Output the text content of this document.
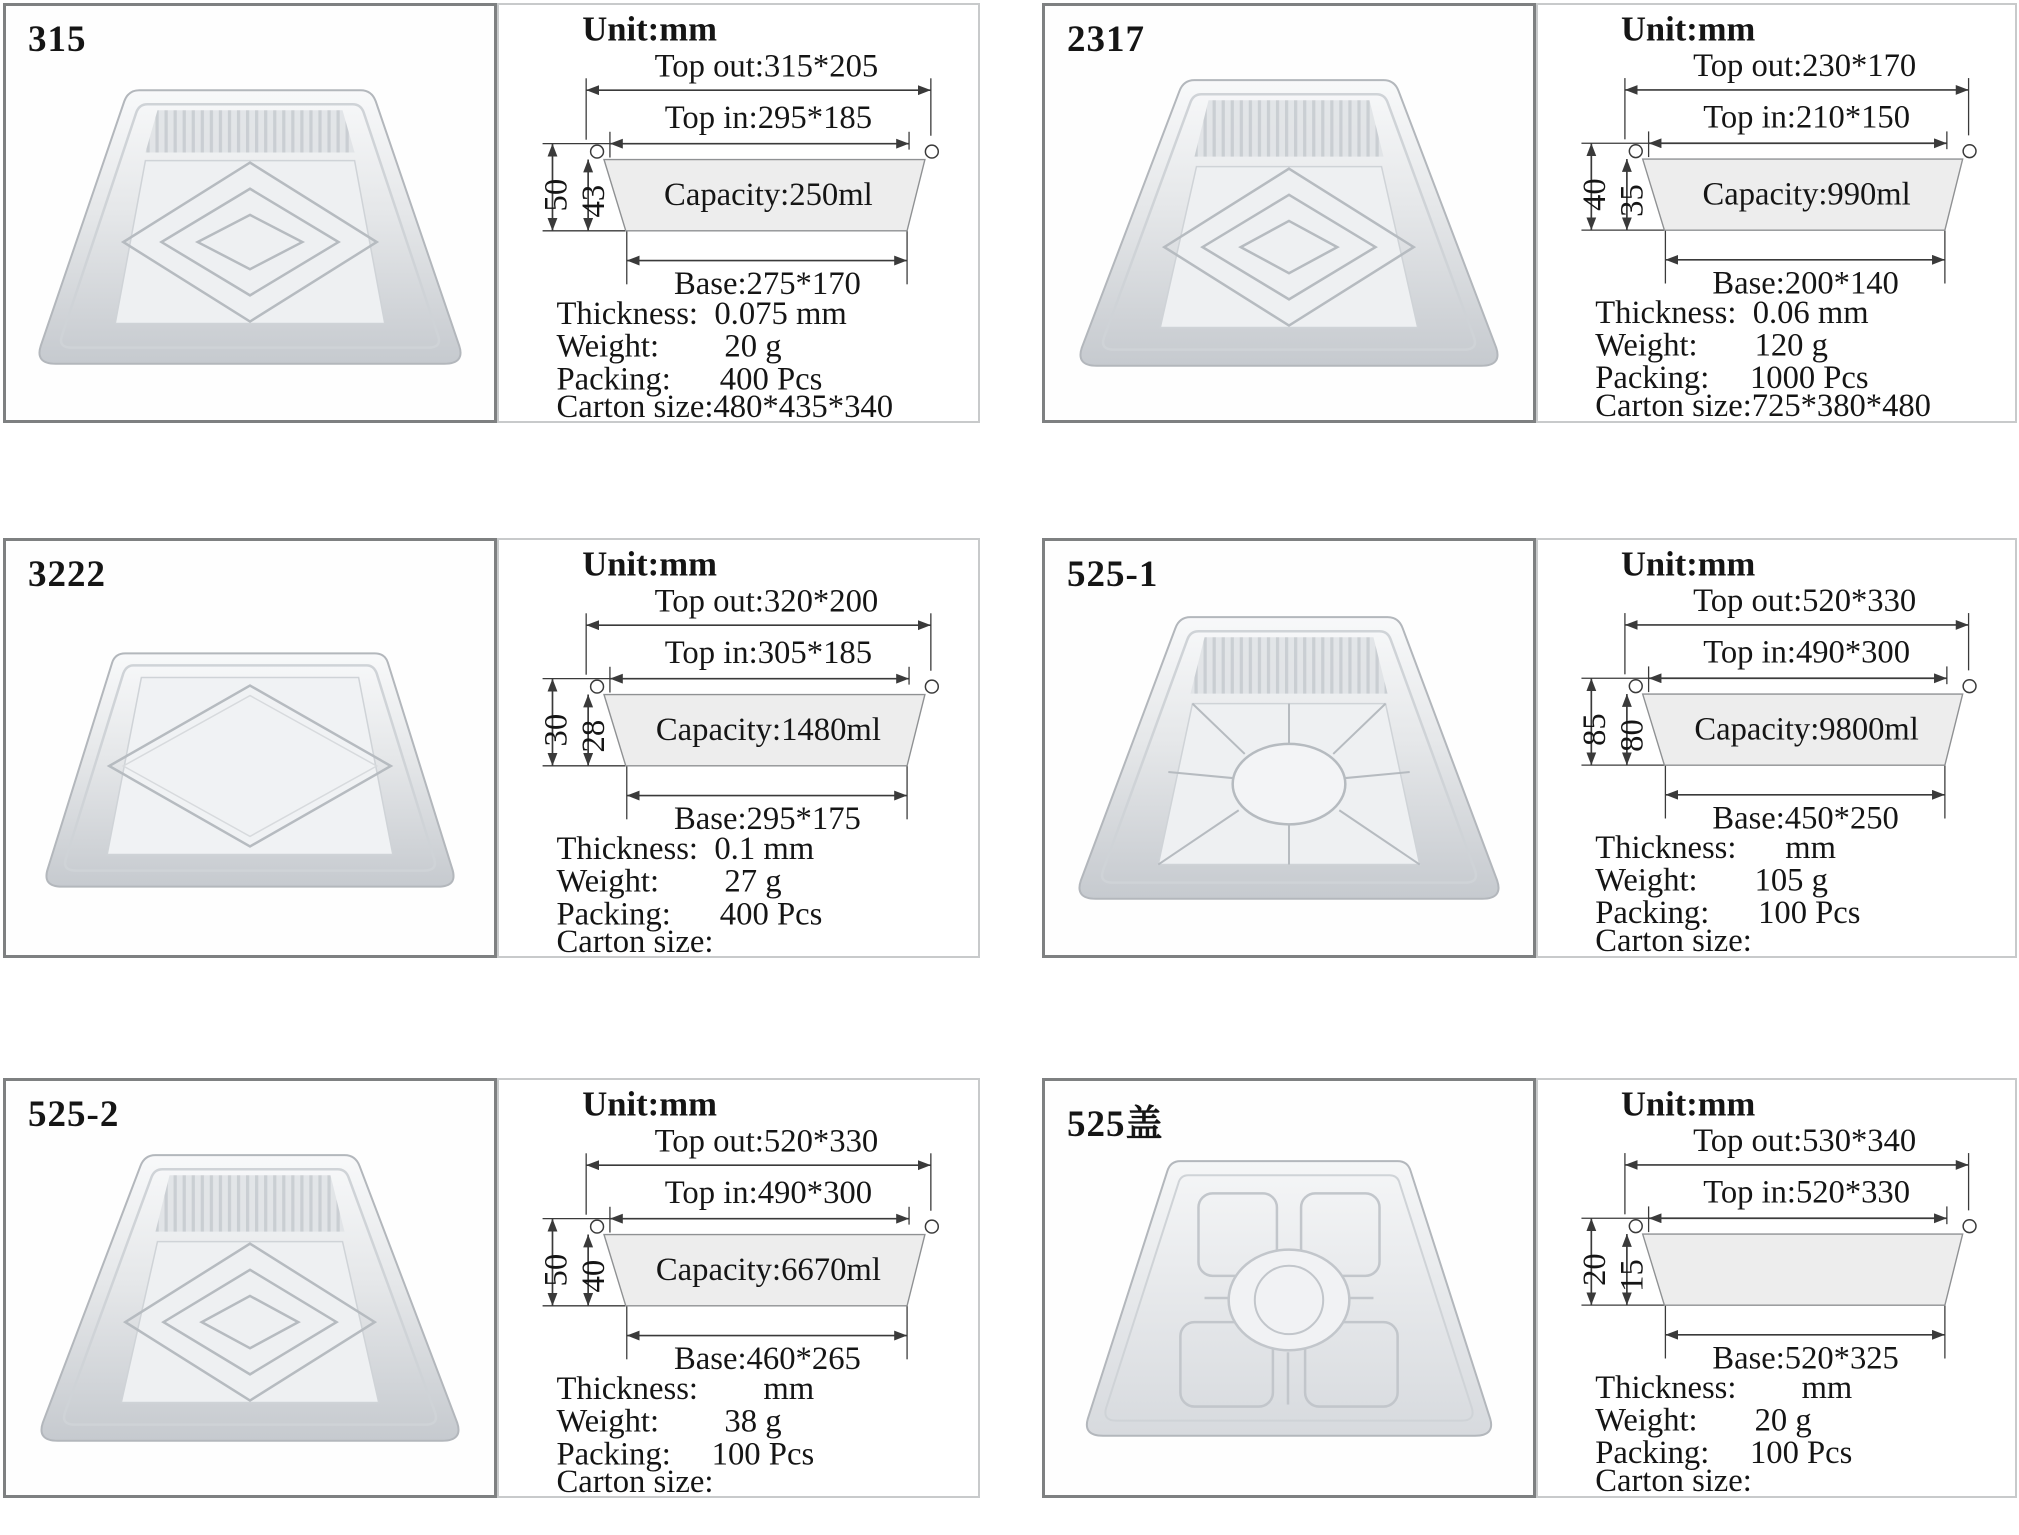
315	Unit:mm
Top out:315*205
Top in:295*185
Capacity:250ml
50 43
Base:275*170
Thickness:  0.075 mm
Weight:        20 g
Packing:      400 Pcs
Carton size:480*435*340
2317	Unit:mm
Top out:230*170
Top in:210*150
Capacity:990ml
40 35
Base:200*140
Thickness:  0.06 mm
Weight:       120 g
Packing:     1000 Pcs
Carton size:725*380*480
3222	Unit:mm
Top out:320*200
Top in:305*185
Capacity:1480ml
30 28
Base:295*175
Thickness:  0.1 mm
Weight:        27 g
Packing:      400 Pcs
Carton size:
525-1	Unit:mm
Top out:520*330
Top in:490*300
Capacity:9800ml
85 80
Base:450*250
Thickness:      mm
Weight:       105 g
Packing:      100 Pcs
Carton size:
525-2	Unit:mm
Top out:520*330
Top in:490*300
Capacity:6670ml
50 40
Base:460*265
Thickness:        mm
Weight:        38 g
Packing:     100 Pcs
Carton size:
525盖	Unit:mm
Top out:530*340
Top in:520*330
20 15
Base:520*325
Thickness:        mm
Weight:       20 g
Packing:     100 Pcs
Carton size:
